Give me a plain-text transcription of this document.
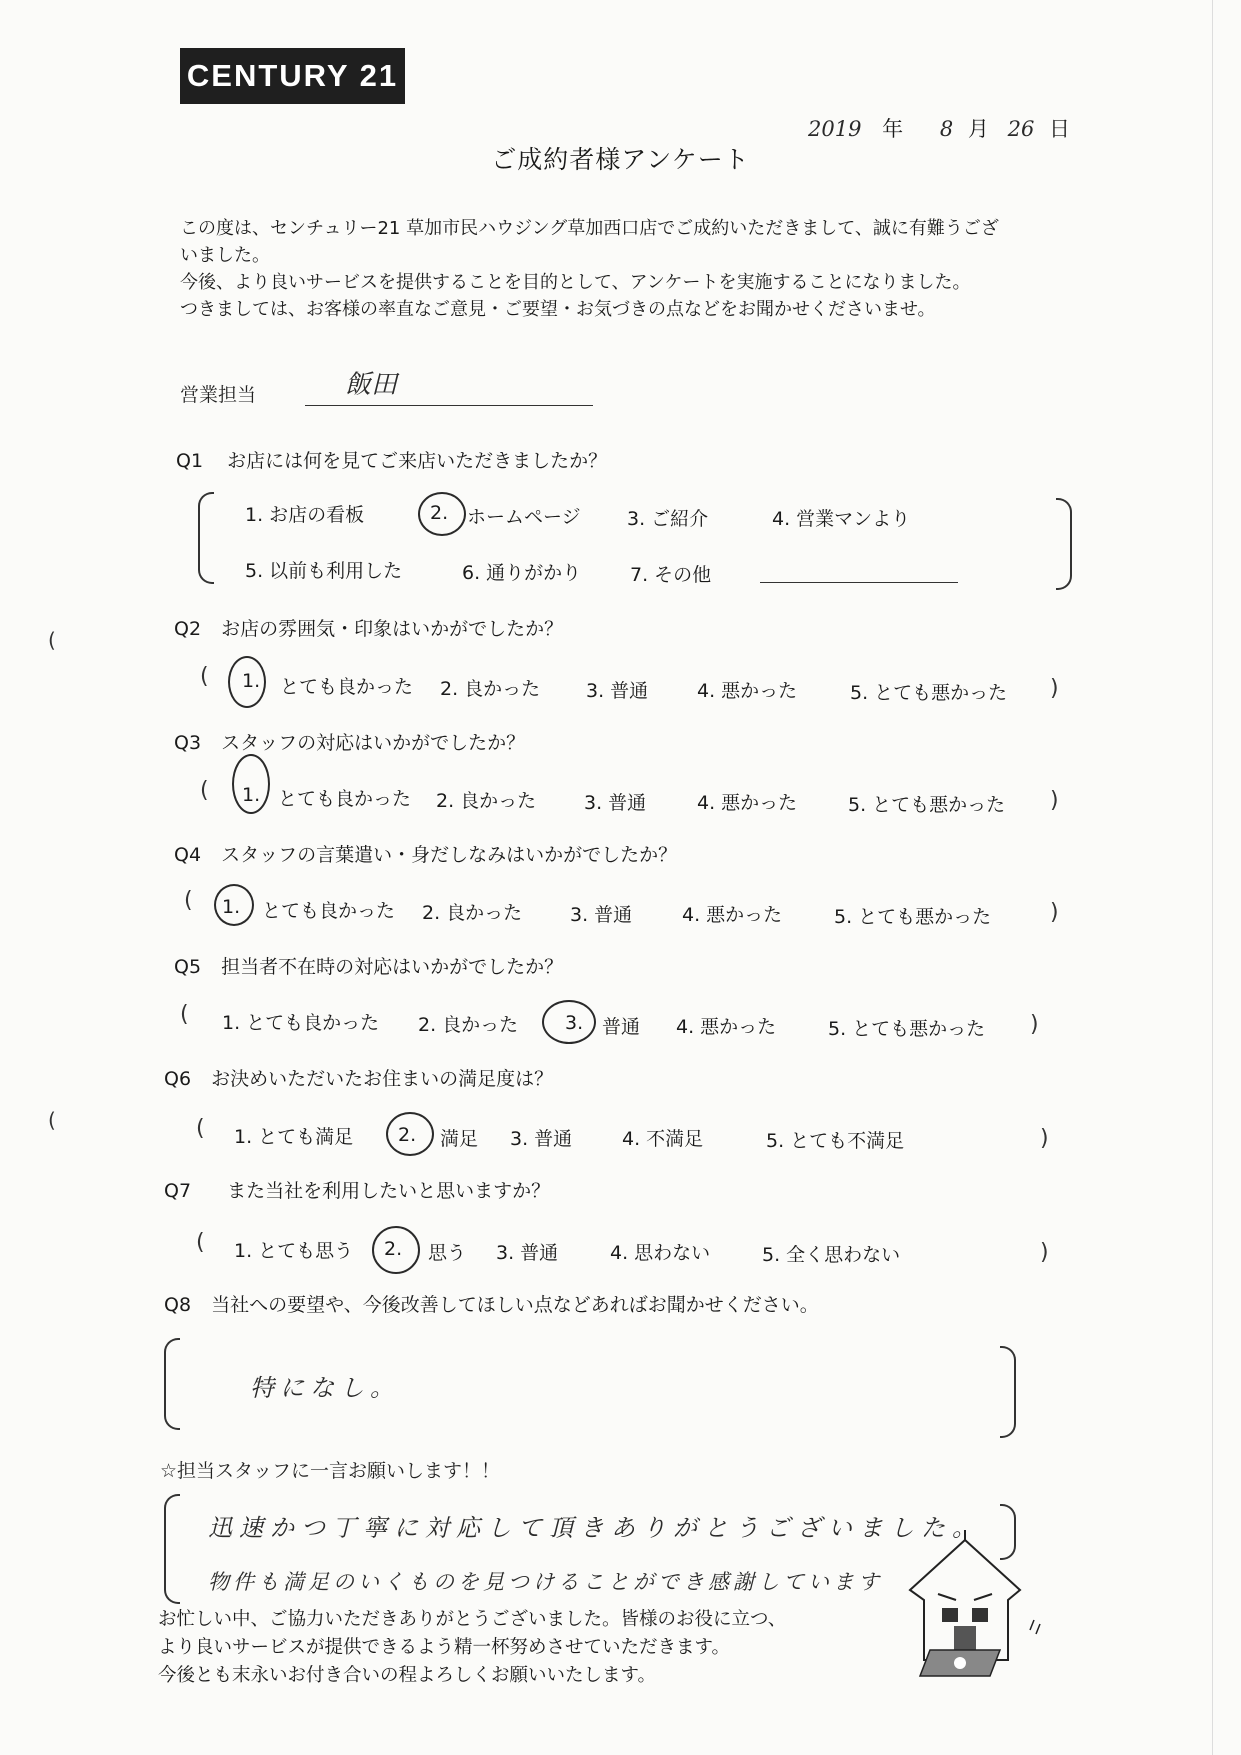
CENTURY 21
2019 年 8 月 26 日
ご成約者様アンケート

この度は、センチュリー21 草加市民ハウジング草加西口店でご成約いただきまして、誠に有難うござ

いました。

今後、より良いサービスを提供することを目的として、アンケートを実施することになりました。

つきましては、お客様の率直なご意見・ご要望・お気づきの点などをお聞かせくださいませ。

営業担当	飯田
Q1 お店には何を見てご来店いただきましたか？
1. お店の看板	2. ホームページ 3. ご紹介	4. 営業マンより
5. 以前も利用した	6. 通りがかり	7. その他
Q2 お店の雰囲気・印象はいかがでしたか？
( 1. とても良かった 2. 良かった 3. 普通	4. 悪かった	5. とても悪かった )
Q3 スタッフの対応はいかがでしたか？
( 1. とても良かった 2. 良かった	3. 普通	4. 悪かった	5. とても悪かった )
Q4 スタッフの言葉遣い・身だしなみはいかがでしたか？
( 1. とても良かった 2. 良かった	3. 普通	4. 悪かった	5. とても悪かった	)
Q5 担当者不在時の対応はいかがでしたか？
( 1. とても良かった 2. 良かった 3. 普通 4. 悪かった	5. とても悪かった )
Q6 お決めいただいたお住まいの満足度は？
( 1. とても満足 2. 満足 3. 普通	4. 不満足	5. とても不満足	)
Q7 また当社を利用したいと思いますか？
( 1. とても思う 2. 思う 3. 普通	4. 思わない	5. 全く思わない	)
Q8 当社への要望や、今後改善してほしい点などあればお聞かせください。
特になし。
☆担当スタッフに一言お願いします！！
迅速かつ丁寧に対応して頂きありがとうございました。
物件も満足のいくものを見つけることができ感謝しています

お忙しい中、ご協力いただきありがとうございました。皆様のお役に立つ、

より良いサービスが提供できるよう精一杯努めさせていただきます。

今後とも末永いお付き合いの程よろしくお願いいたします。

(
(
